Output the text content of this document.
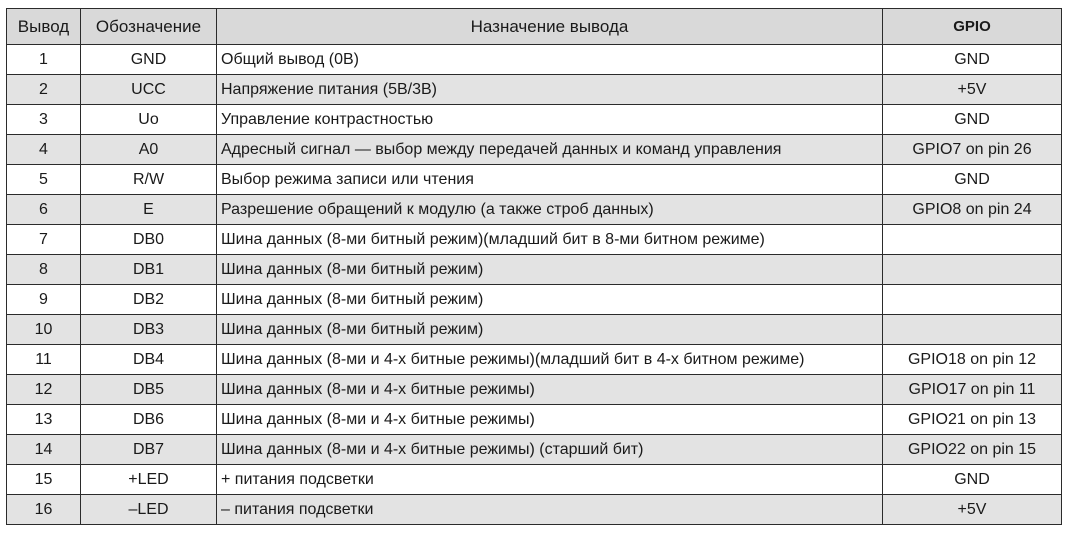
Вывод	Обозначение	Назначение вывода	GPIO
1	GND	Общий вывод (0В)	GND
2	UCC	Напряжение питания (5В/3В)	+5V
3	Uo	Управление контрастностью	GND
4	A0	Адресный сигнал — выбор между передачей данных и команд управления	GPIO7 on pin 26
5	R/W	Выбор режима записи или чтения	GND
6	E	Разрешение обращений к модулю (а также строб данных)	GPIO8 on pin 24
7	DB0	Шина данных (8-ми битный режим)(младший бит в 8-ми битном режиме)	
8	DB1	Шина данных (8-ми битный режим)	
9	DB2	Шина данных (8-ми битный режим)	
10	DB3	Шина данных (8-ми битный режим)	
11	DB4	Шина данных (8-ми и 4-х битные режимы)(младший бит в 4-х битном режиме)	GPIO18 on pin 12
12	DB5	Шина данных (8-ми и 4-х битные режимы)	GPIO17 on pin 11
13	DB6	Шина данных (8-ми и 4-х битные режимы)	GPIO21 on pin 13
14	DB7	Шина данных (8-ми и 4-х битные режимы) (старший бит)	GPIO22 on pin 15
15	+LED	+ питания подсветки	GND
16	–LED	– питания подсветки	+5V
